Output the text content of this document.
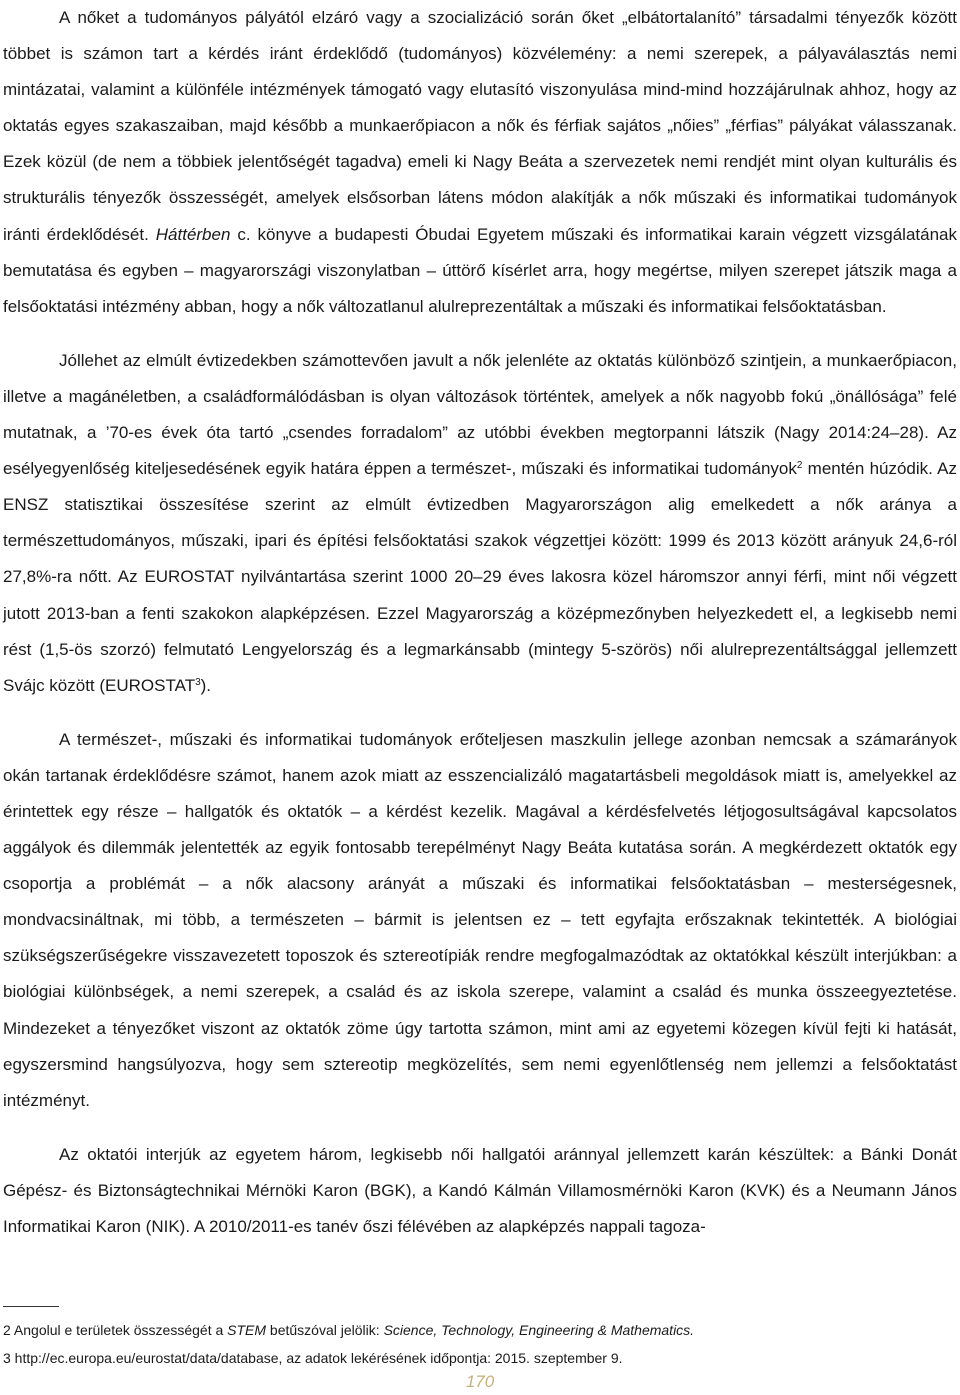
A nőket a tudományos pályától elzáró vagy a szocializáció során őket „elbátortalanító” társadalmi tényezők között többet is számon tart a kérdés iránt érdeklődő (tudományos) közvélemény: a nemi szerepek, a pályaválasztás nemi mintázatai, valamint a különféle intézmények támogató vagy elutasító viszonyulása mind-mind hozzájárulnak ahhoz, hogy az oktatás egyes szakaszaiban, majd később a munkaerőpiacon a nők és férfiak sajátos „nőies” „férfias” pályákat válasszanak. Ezek közül (de nem a többiek jelentőségét tagadva) emeli ki Nagy Beáta a szervezetek nemi rendjét mint olyan kulturális és strukturális tényezők összességét, amelyek elsősorban látens módon alakítják a nők műszaki és informatikai tudományok iránti érdeklődését. Háttérben c. könyve a budapesti Óbudai Egyetem műszaki és informatikai karain végzett vizsgálatának bemutatása és egyben – magyarországi viszonylatban – úttörő kísérlet arra, hogy megértse, milyen szerepet játszik maga a felsőoktatási intézmény abban, hogy a nők változatlanul alulreprezentáltak a műszaki és informatikai felsőoktatásban.

Jóllehet az elmúlt évtizedekben számottevően javult a nők jelenléte az oktatás különböző szintjein, a munkaerőpiacon, illetve a magánéletben, a családformálódásban is olyan változások történtek, amelyek a nők nagyobb fokú „önállósága” felé mutatnak, a ’70-es évek óta tartó „csendes forradalom” az utóbbi években megtorpanni látszik (Nagy 2014:24–28). Az esélyegyenlőség kiteljesedésének egyik határa éppen a természet-, műszaki és informatikai tudományok$^2$ mentén húzódik. Az ENSZ statisztikai összesítése szerint az elmúlt évtizedben Magyarországon alig emelkedett a nők aránya a természettudományos, műszaki, ipari és építési felsőoktatási szakok végzettjei között: 1999 és 2013 között arányuk 24,6-ról 27,8%-ra nőtt. Az EUROSTAT nyilvántartása szerint 1000 20–29 éves lakosra közel háromszor annyi férfi, mint női végzett jutott 2013-ban a fenti szakokon alapképzésen. Ezzel Magyarország a középmezőnyben helyezkedett el, a legkisebb nemi rést (1,5-ös szorzó) felmutató Lengyelország és a legmarkánsabb (mintegy 5-szörös) női alulreprezentáltsággal jellemzett Svájc között (EUROSTAT$^3$).

A természet-, műszaki és informatikai tudományok erőteljesen maszkulin jellege azonban nemcsak a számarányok okán tartanak érdeklődésre számot, hanem azok miatt az esszencializáló magatartásbeli megoldások miatt is, amelyekkel az érintettek egy része – hallgatók és oktatók – a kérdést kezelik. Magával a kérdésfelvetés létjogosultságával kapcsolatos aggályok és dilemmák jelentették az egyik fontosabb terepélményt Nagy Beáta kutatása során. A megkérdezett oktatók egy csoportja a problémát – a nők alacsony arányát a műszaki és informatikai felsőoktatásban – mesterségesnek, mondvacsináltnak, mi több, a természeten – bármit is jelentsen ez – tett egyfajta erőszaknak tekintették. A biológiai szükségszerűségekre visszavezetett toposzok és sztereotípiák rendre megfogalmazódtak az oktatókkal készült interjúkban: a biológiai különbségek, a nemi szerepek, a család és az iskola szerepe, valamint a család és munka összeegyeztetése. Mindezeket a tényezőket viszont az oktatók zöme úgy tartotta számon, mint ami az egyetemi közegen kívül fejti ki hatását, egyszersmind hangsúlyozva, hogy sem sztereotip megközelítés, sem nemi egyenlőtlenség nem jellemzi a felsőoktatást intézményt.

Az oktatói interjúk az egyetem három, legkisebb női hallgatói aránnyal jellemzett karán készültek: a Bánki Donát Gépész- és Biztonságtechnikai Mérnöki Karon (BGK), a Kandó Kálmán Villamosmérnöki Karon (KVK) és a Neumann János Informatikai Karon (NIK). A 2010/2011-es tanév őszi félévében az alapképzés nappali tagoza-

2 Angolul e területek összességét a STEM betűszóval jelölik: Science, Technology, Engineering & Mathematics.

3 http://ec.europa.eu/eurostat/data/database, az adatok lekérésének időpontja: 2015. szeptember 9.

170
